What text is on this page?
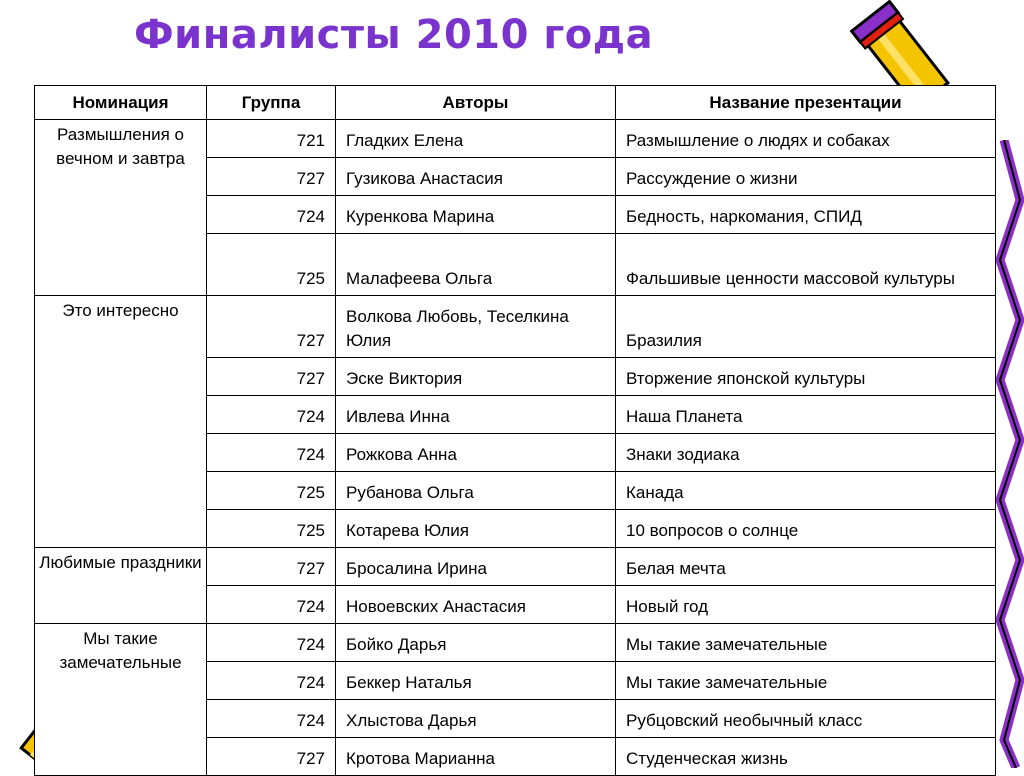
Финалисты 2010 года
Номинация	Группа	Авторы	Название презентации
Размышления о вечном и завтра	721	Гладких Елена	Размышление о людях и собаках
	727	Гузикова Анастасия	Рассуждение о жизни
	724	Куренкова Марина	Бедность, наркомания, СПИД
	725	Малафеева Ольга	Фальшивые ценности массовой культуры
Это интересно	727	Волкова Любовь, Теселкина Юлия	Бразилия
	727	Эске Виктория	Вторжение японской культуры
	724	Ивлева Инна	Наша Планета
	724	Рожкова Анна	Знаки зодиака
	725	Рубанова Ольга	Канада
	725	Котарева Юлия	10 вопросов о солнце
Любимые праздники	727	Бросалина Ирина	Белая мечта
	724	Новоевских Анастасия	Новый год
Мы такие замечательные	724	Бойко Дарья	Мы такие замечательные
	724	Беккер Наталья	Мы такие замечательные
	724	Хлыстова Дарья	Рубцовский необычный класс
	727	Кротова Марианна	Студенческая жизнь
